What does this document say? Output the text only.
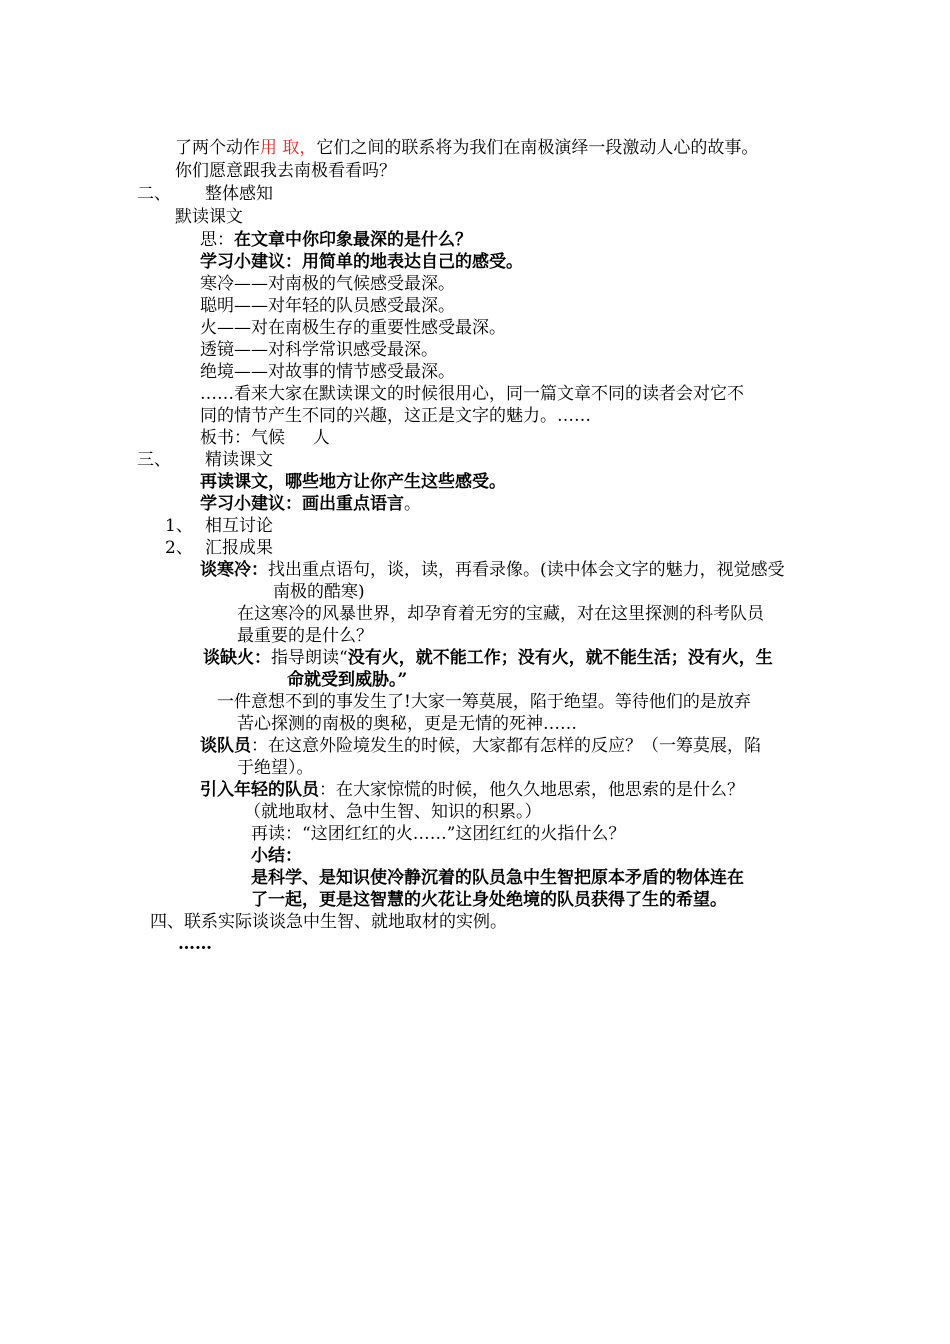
了两个动作用 取，它们之间的联系将为我们在南极演绎一段激动人心的故事。
你们愿意跟我去南极看看吗？
二、 整体感知
默读课文
思：在文章中你印象最深的是什么？
学习小建议：用简单的地表达自己的感受。
寒冷——对南极的气候感受最深。
聪明——对年轻的队员感受最深。
火——对在南极生存的重要性感受最深。
透镜——对科学常识感受最深。
绝境——对故事的情节感受最深。
……看来大家在默读课文的时候很用心，同一篇文章不同的读者会对它不
同的情节产生不同的兴趣，这正是文字的魅力。……
板书：气候　  人
三、 精读课文
再读课文，哪些地方让你产生这些感受。
学习小建议：画出重点语言。
1、 相互讨论
2、 汇报成果
谈寒冷：找出重点语句，谈，读，再看录像。(读中体会文字的魅力，视觉感受
南极的酷寒)
在这寒冷的风暴世界，却孕育着无穷的宝藏，对在这里探测的科考队员
最重要的是什么？
谈缺火：指导朗读“没有火，就不能工作；没有火，就不能生活；没有火，生
命就受到威胁。”
一件意想不到的事发生了!大家一筹莫展，陷于绝望。等待他们的是放弃
苦心探测的南极的奥秘，更是无情的死神……
谈队员：在这意外险境发生的时候，大家都有怎样的反应？（一筹莫展，陷
于绝望）。
引入年轻的队员：在大家惊慌的时候，他久久地思索，他思索的是什么？
（就地取材、急中生智、知识的积累。）
再读：“这团红红的火……”这团红红的火指什么？
小结：
是科学、是知识使冷静沉着的队员急中生智把原本矛盾的物体连在
了一起，更是这智慧的火花让身处绝境的队员获得了生的希望。
四、联系实际谈谈急中生智、就地取材的实例。
……
